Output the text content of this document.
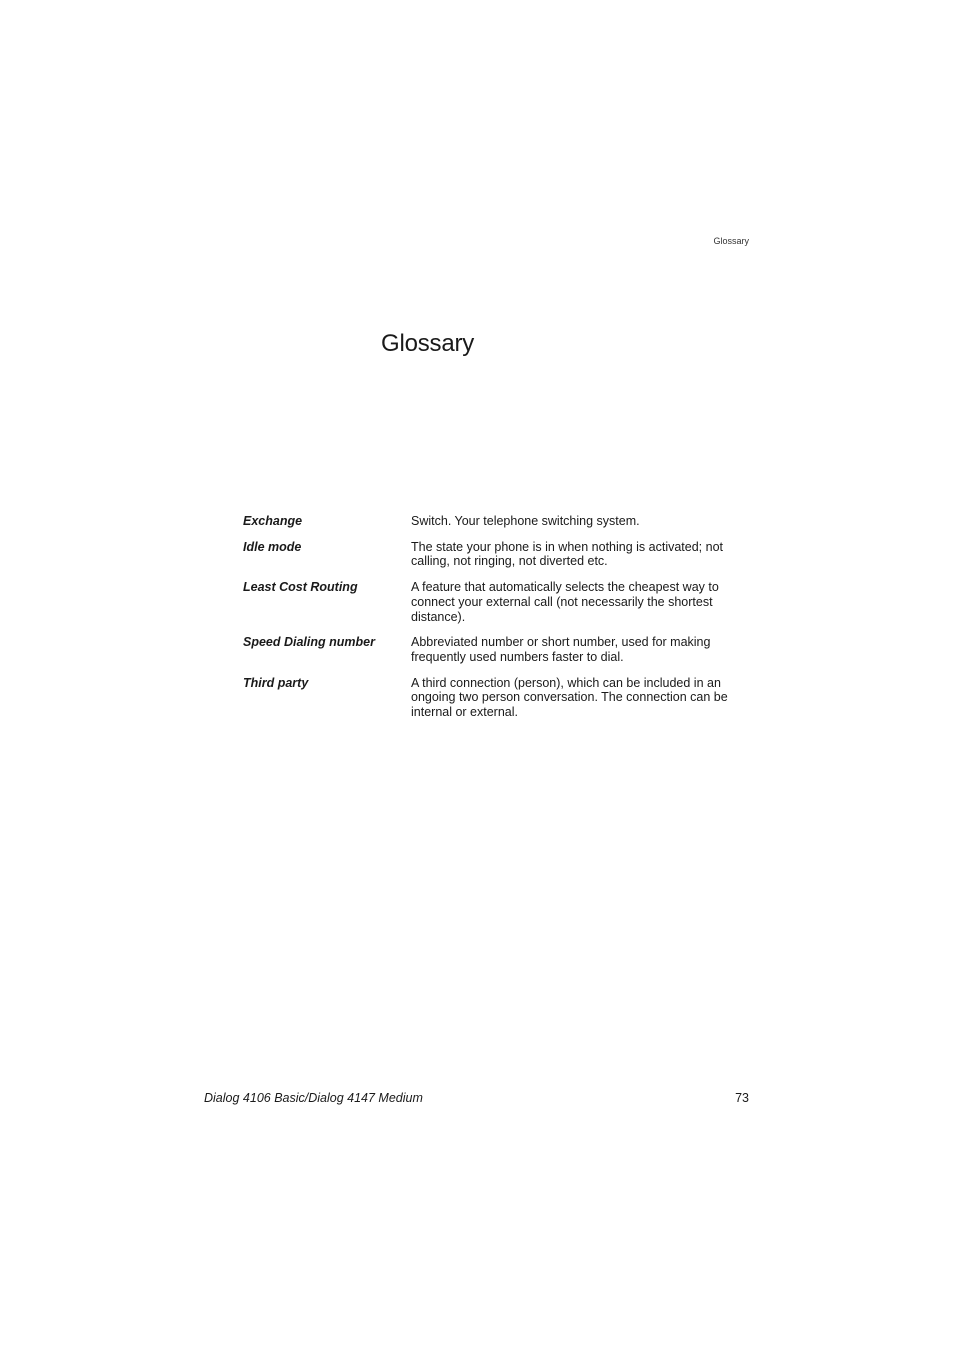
Glossary
Glossary
Exchange	Switch. Your telephone switching system.
Idle mode	The state your phone is in when nothing is activated; not calling, not ringing, not diverted etc.
Least Cost Routing	A feature that automatically selects the cheapest way to connect your external call (not necessarily the shortest distance).
Speed Dialing number	Abbreviated number or short number, used for making frequently used numbers faster to dial.
Third party	A third connection (person), which can be included in an ongoing two person conversation. The connection can be internal or external.
Dialog 4106 Basic/Dialog 4147 Medium	73
